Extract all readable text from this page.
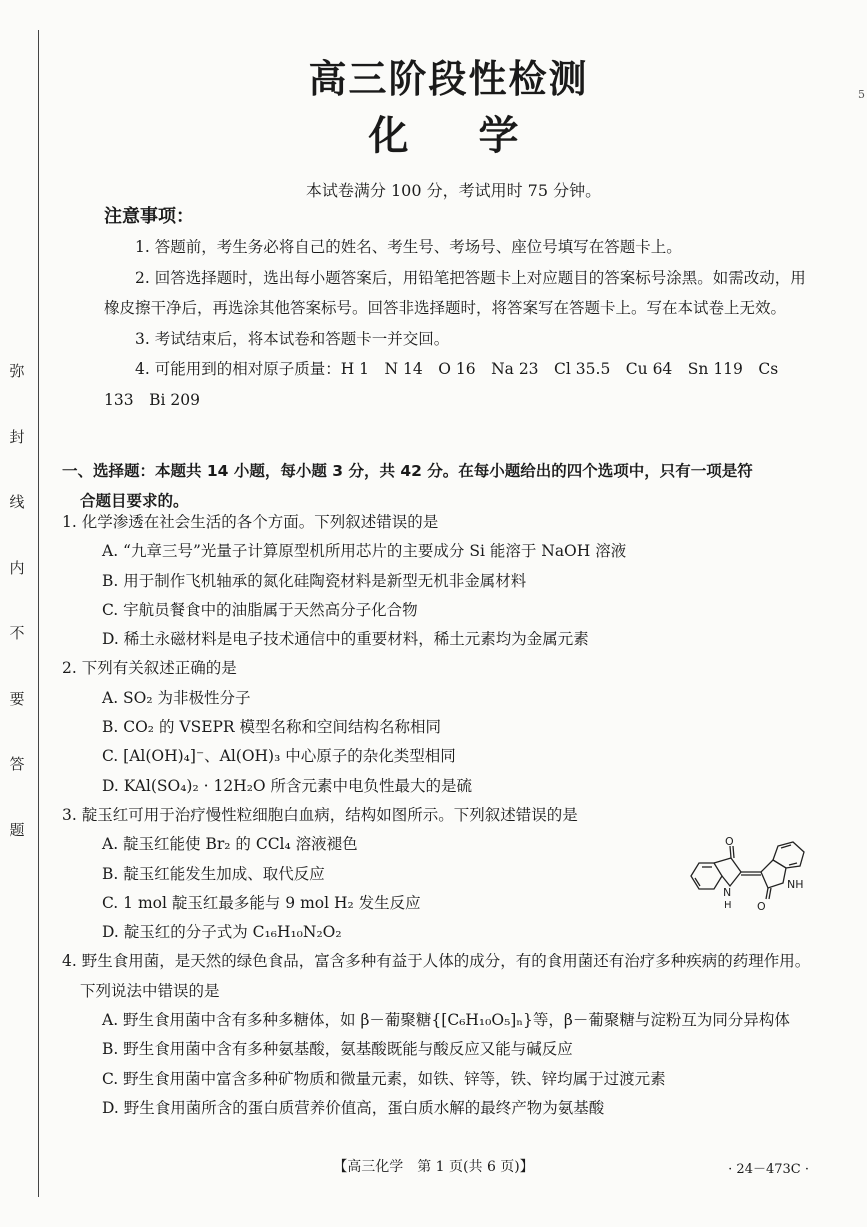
弥
封
线
内
不
要
答
题
5
高三阶段性检测
化学
本试卷满分 100 分，考试用时 75 分钟。
注意事项：

1. 答题前，考生务必将自己的姓名、考生号、考场号、座位号填写在答题卡上。

2. 回答选择题时，选出每小题答案后，用铅笔把答题卡上对应题目的答案标号涂黑。如需改动，用橡皮擦干净后，再选涂其他答案标号。回答非选择题时，将答案写在答题卡上。写在本试卷上无效。

3. 考试结束后，将本试卷和答题卡一并交回。

4. 可能用到的相对原子质量：H 1　N 14　O 16　Na 23　Cl 35.5　Cu 64　Sn 119　Cs 133　Bi 209

一、选择题：本题共 14 小题，每小题 3 分，共 42 分。在每小题给出的四个选项中，只有一项是符
合题目要求的。

1. 化学渗透在社会生活的各个方面。下列叙述错误的是

A. “九章三号”光量子计算原型机所用芯片的主要成分 Si 能溶于 NaOH 溶液

B. 用于制作飞机轴承的氮化硅陶瓷材料是新型无机非金属材料

C. 宇航员餐食中的油脂属于天然高分子化合物

D. 稀土永磁材料是电子技术通信中的重要材料，稀土元素均为金属元素

2. 下列有关叙述正确的是

A. SO₂ 为非极性分子

B. CO₂ 的 VSEPR 模型名称和空间结构名称相同

C. [Al(OH)₄]⁻、Al(OH)₃ 中心原子的杂化类型相同

D. KAl(SO₄)₂ · 12H₂O 所含元素中电负性最大的是硫

3. 靛玉红可用于治疗慢性粒细胞白血病，结构如图所示。下列叙述错误的是

A. 靛玉红能使 Br₂ 的 CCl₄ 溶液褪色

B. 靛玉红能发生加成、取代反应

C. 1 mol 靛玉红最多能与 9 mol H₂ 发生反应

D. 靛玉红的分子式为 C₁₆H₁₀N₂O₂

4. 野生食用菌，是天然的绿色食品，富含多种有益于人体的成分，有的食用菌还有治疗多种疾病的药理作用。下列说法中错误的是

A. 野生食用菌中含有多种多糖体，如 β－葡聚糖{[C₆H₁₀O₅]ₙ}等，β－葡聚糖与淀粉互为同分异构体

B. 野生食用菌中含有多种氨基酸，氨基酸既能与酸反应又能与碱反应

C. 野生食用菌中富含多种矿物质和微量元素，如铁、锌等，铁、锌均属于过渡元素

D. 野生食用菌所含的蛋白质营养价值高，蛋白质水解的最终产物为氨基酸

O
N
H
NH
O
【高三化学　第 1 页(共 6 页)】	· 24－473C ·
